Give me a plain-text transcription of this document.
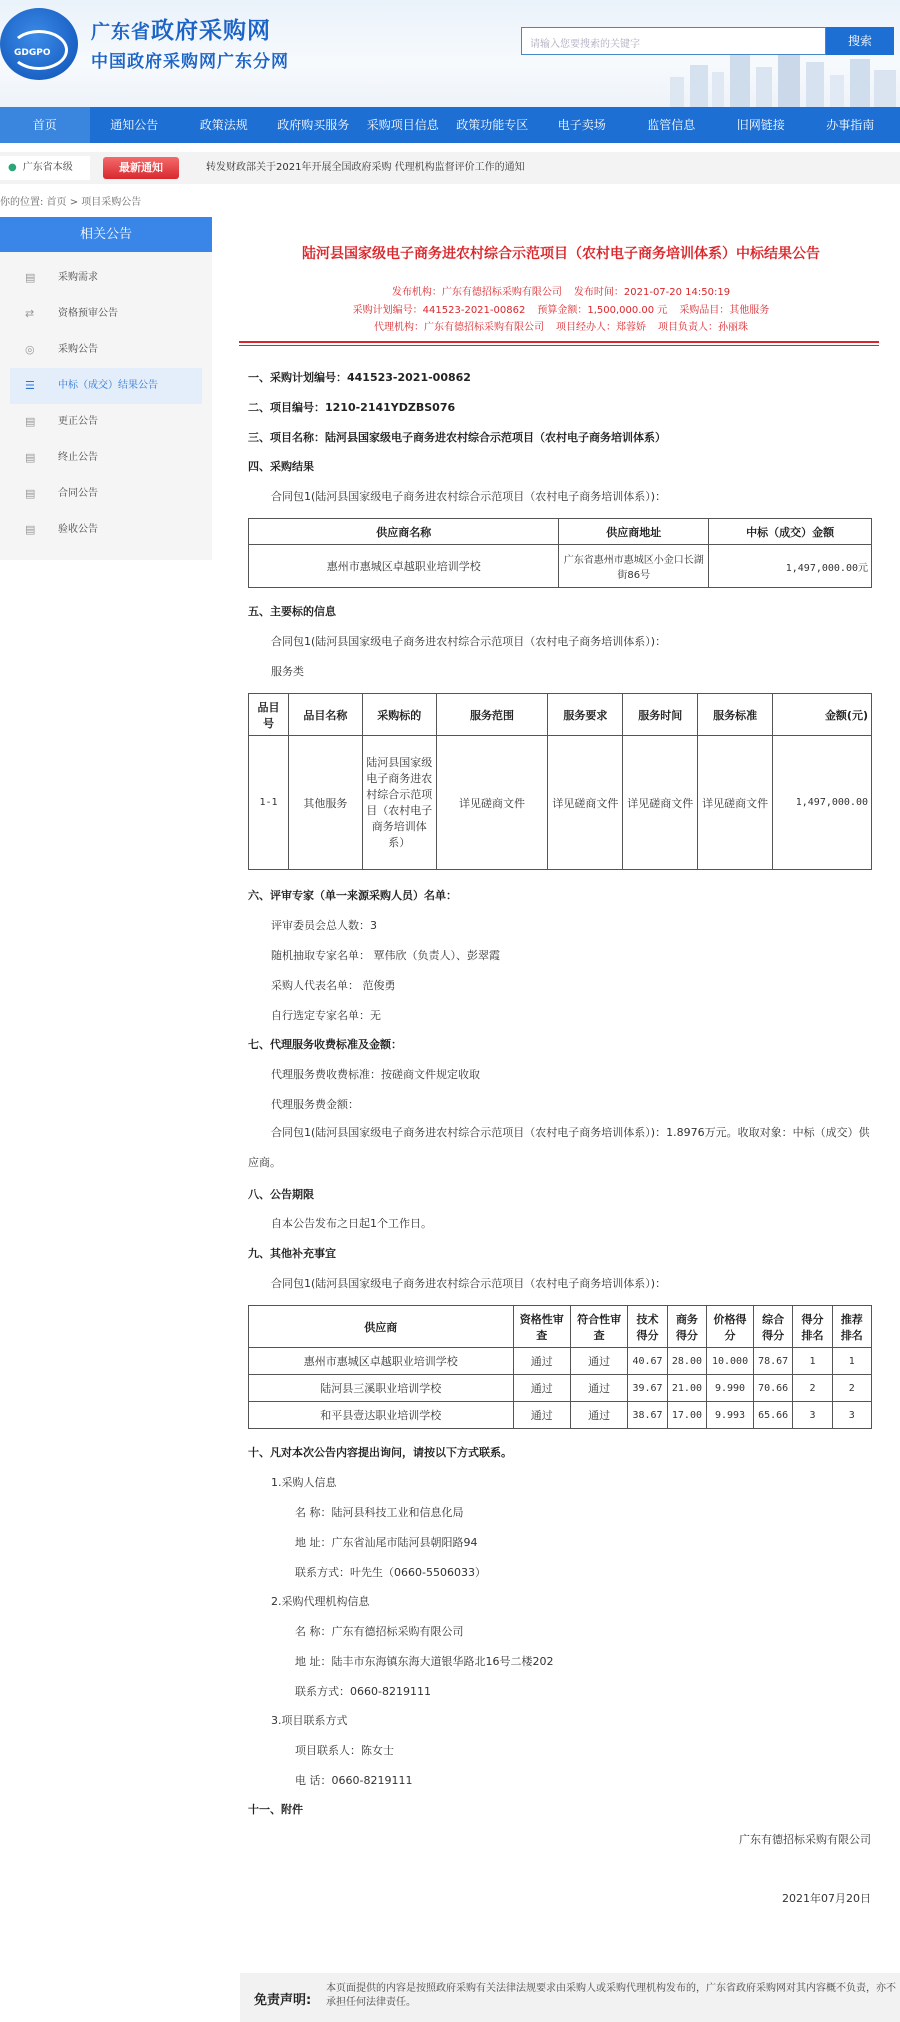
GDGPO
广东省政府采购网
中国政府采购网广东分网
请输入您要搜索的关键字	搜索
首页	通知公告	政策法规	政府购买服务	采购项目信息	政策功能专区	电子卖场	监管信息	旧网链接	办事指南
● 广东省本级	最新通知	转发财政部关于2021年开展全国政府采购 代理机构监督评价工作的通知
你的位置: 首页 > 项目采购公告
相关公告
▤ 采购需求
⇄ 资格预审公告
◎ 采购公告
☰ 中标（成交）结果公告
▤ 更正公告
▤ 终止公告
▤ 合同公告
▤ 验收公告
陆河县国家级电子商务进农村综合示范项目（农村电子商务培训体系）中标结果公告
发布机构：广东有德招标采购有限公司 发布时间：2021-07-20 14:50:19
采购计划编号：441523-2021-00862 预算金额：1,500,000.00 元 采购品目：其他服务
代理机构：广东有德招标采购有限公司 项目经办人：郑蓉娇 项目负责人：孙丽珠
一、采购计划编号：441523-2021-00862
二、项目编号：1210-2141YDZBS076
三、项目名称：陆河县国家级电子商务进农村综合示范项目（农村电子商务培训体系）
四、采购结果
合同包1(陆河县国家级电子商务进农村综合示范项目（农村电子商务培训体系）)：
供应商名称	供应商地址	中标（成交）金额
惠州市惠城区卓越职业培训学校	广东省惠州市惠城区小金口长湖街86号	1,497,000.00元
五、主要标的信息
合同包1(陆河县国家级电子商务进农村综合示范项目（农村电子商务培训体系）)：
服务类
品目号	品目名称	采购标的	服务范围	服务要求	服务时间	服务标准	金额(元)
1-1	其他服务	陆河县国家级电子商务进农村综合示范项目（农村电子商务培训体系）	详见磋商文件	详见磋商文件	详见磋商文件	详见磋商文件	1,497,000.00
六、评审专家（单一来源采购人员）名单：
评审委员会总人数：3
随机抽取专家名单： 覃伟欣（负责人）、彭翠霞
采购人代表名单： 范俊勇
自行选定专家名单：无
七、代理服务收费标准及金额：
代理服务费收费标准：按磋商文件规定收取
代理服务费金额：
合同包1(陆河县国家级电子商务进农村综合示范项目（农村电子商务培训体系）)：1.8976万元。收取对象：中标（成交）供应商。
八、公告期限
自本公告发布之日起1个工作日。
九、其他补充事宜
合同包1(陆河县国家级电子商务进农村综合示范项目（农村电子商务培训体系）)：
供应商	资格性审查	符合性审查	技术得分	商务得分	价格得分	综合得分	得分排名	推荐排名
惠州市惠城区卓越职业培训学校	通过	通过	40.67	28.00	10.000	78.67	1	1
陆河县三溪职业培训学校	通过	通过	39.67	21.00	9.990	70.66	2	2
和平县壹达职业培训学校	通过	通过	38.67	17.00	9.993	65.66	3	3
十、凡对本次公告内容提出询问，请按以下方式联系。
1.采购人信息
名 称：陆河县科技工业和信息化局
地 址：广东省汕尾市陆河县朝阳路94
联系方式：叶先生（0660-5506033）
2.采购代理机构信息
名 称：广东有德招标采购有限公司
地 址：陆丰市东海镇东海大道银华路北16号二楼202
联系方式：0660-8219111
3.项目联系方式
项目联系人：陈女士
电 话：0660-8219111
十一、附件
广东有德招标采购有限公司
2021年07月20日
免责声明:
本页面提供的内容是按照政府采购有关法律法规要求由采购人或采购代理机构发布的，广东省政府采购网对其内容概不负责，亦不承担任何法律责任。
